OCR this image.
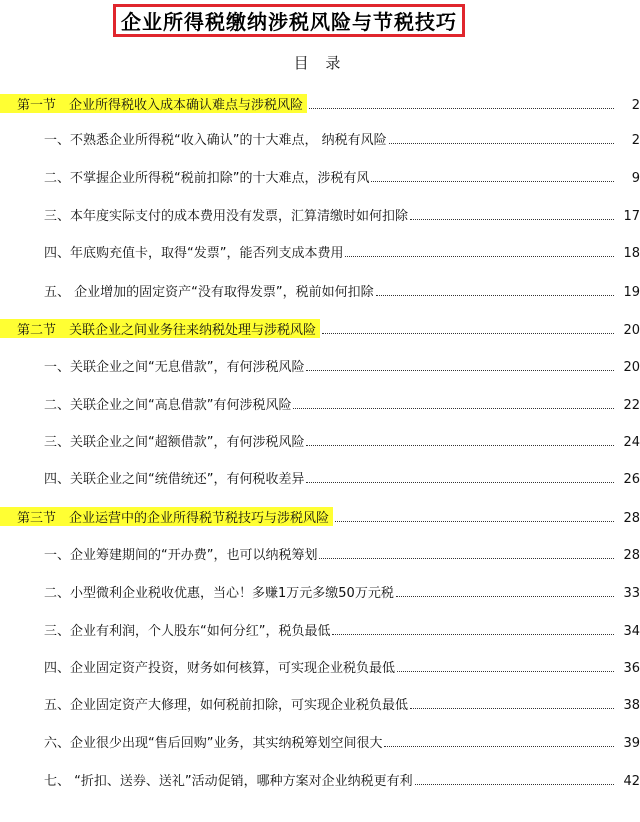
企业所得税缴纳涉税风险与节税技巧
目 录
第一节　企业所得税收入成本确认难点与涉税风险	2
一、不熟悉企业所得税“收入确认”的十大难点， 纳税有风险	2
二、不掌握企业所得税“税前扣除”的十大难点，涉税有风	9
三、本年度实际支付的成本费用没有发票，汇算清缴时如何扣除	17
四、年底购充值卡，取得“发票”，能否列支成本费用	18
五、 企业增加的固定资产“没有取得发票”，税前如何扣除	19
第二节　关联企业之间业务往来纳税处理与涉税风险	20
一、关联企业之间“无息借款”，有何涉税风险	20
二、关联企业之间“高息借款”有何涉税风险	22
三、关联企业之间“超额借款”，有何涉税风险	24
四、关联企业之间“统借统还”，有何税收差异	26
第三节　企业运营中的企业所得税节税技巧与涉税风险	28
一、企业筹建期间的“开办费”，也可以纳税筹划	28
二、小型微利企业税收优惠，当心！多赚1万元多缴50万元税	33
三、企业有利润，个人股东“如何分红”，税负最低	34
四、企业固定资产投资，财务如何核算，可实现企业税负最低	36
五、企业固定资产大修理，如何税前扣除，可实现企业税负最低	38
六、企业很少出现“售后回购”业务，其实纳税筹划空间很大	39
七、 “折扣、送券、送礼”活动促销，哪种方案对企业纳税更有利	42
